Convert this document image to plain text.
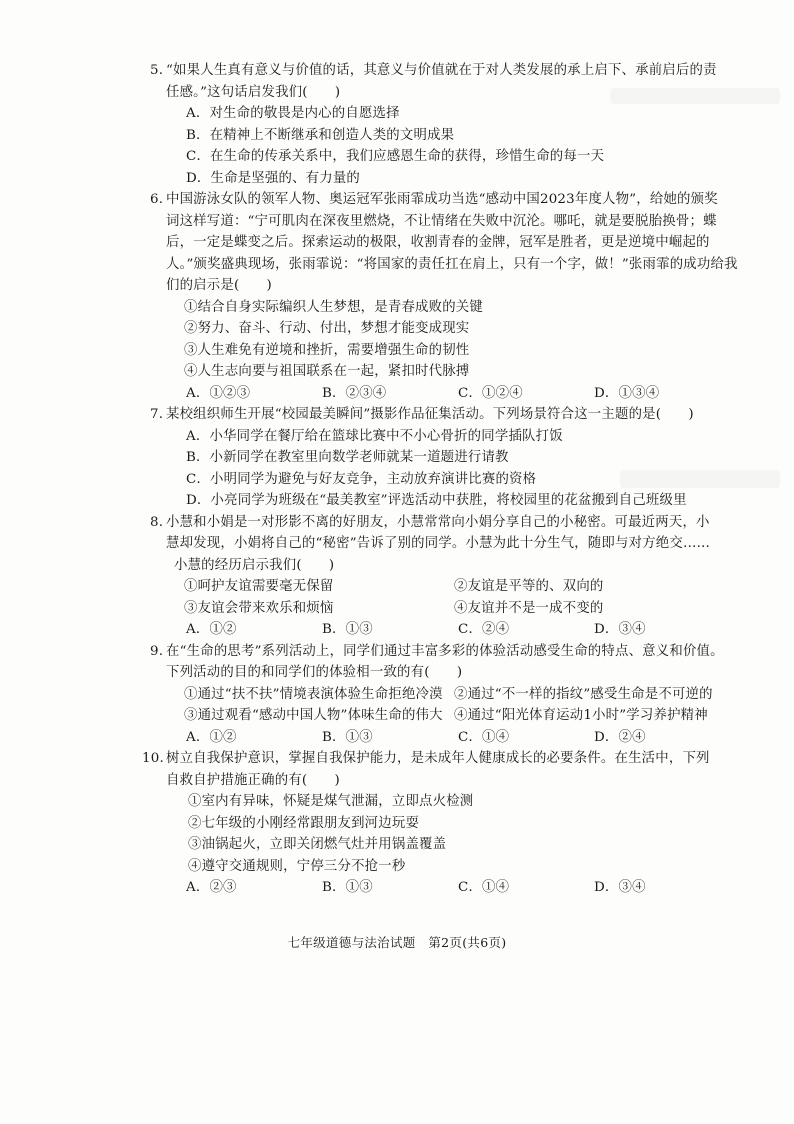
5. “如果人生真有意义与价值的话，其意义与价值就在于对人类发展的承上启下、承前启后的责
任感。”这句话启发我们(　　)
A．对生命的敬畏是内心的自愿选择
B．在精神上不断继承和创造人类的文明成果
C．在生命的传承关系中，我们应感恩生命的获得，珍惜生命的每一天
D．生命是坚强的、有力量的
6. 中国游泳女队的领军人物、奥运冠军张雨霏成功当选“感动中国2023年度人物”，给她的颁奖
词这样写道：“宁可肌肉在深夜里燃烧，不让情绪在失败中沉沦。哪吒，就是要脱胎换骨；蝶
后，一定是蝶变之后。探索运动的极限，收割青春的金牌，冠军是胜者，更是逆境中崛起的
人。”颁奖盛典现场，张雨霏说：“将国家的责任扛在肩上，只有一个字，做！”张雨霏的成功给我
们的启示是(　　)
①结合自身实际编织人生梦想，是青春成败的关键
②努力、奋斗、行动、付出，梦想才能变成现实
③人生难免有逆境和挫折，需要增强生命的韧性
④人生志向要与祖国联系在一起，紧扣时代脉搏
A．①②③	B．②③④	C．①②④	D．①③④
7. 某校组织师生开展“校园最美瞬间”摄影作品征集活动。下列场景符合这一主题的是(　　)
A．小华同学在餐厅给在篮球比赛中不小心骨折的同学插队打饭
B．小新同学在教室里向数学老师就某一道题进行请教
C．小明同学为避免与好友竞争，主动放弃演讲比赛的资格
D．小亮同学为班级在“最美教室”评选活动中获胜，将校园里的花盆搬到自己班级里
8. 小慧和小娟是一对形影不离的好朋友，小慧常常向小娟分享自己的小秘密。可最近两天，小
慧却发现，小娟将自己的“秘密”告诉了别的同学。小慧为此十分生气，随即与对方绝交……
小慧的经历启示我们(　　)
①呵护友谊需要毫无保留	②友谊是平等的、双向的
③友谊会带来欢乐和烦恼	④友谊并不是一成不变的
A．①②	B．①③	C．②④	D．③④
9. 在“生命的思考”系列活动上，同学们通过丰富多彩的体验活动感受生命的特点、意义和价值。
下列活动的目的和同学们的体验相一致的有(　　)
①通过“扶不扶”情境表演体验生命拒绝冷漠 ②通过“不一样的指纹”感受生命是不可逆的
③通过观看“感动中国人物”体味生命的伟大 ④通过“阳光体育运动1小时”学习养护精神
A．①②	B．①③	C．①④	D．②④
10. 树立自我保护意识，掌握自我保护能力，是未成年人健康成长的必要条件。在生活中，下列
自救自护措施正确的有(　　)
①室内有异味，怀疑是煤气泄漏，立即点火检测
②七年级的小刚经常跟朋友到河边玩耍
③油锅起火，立即关闭燃气灶并用锅盖覆盖
④遵守交通规则，宁停三分不抢一秒
A．②③	B．①③	C．①④	D．③④
七年级道德与法治试题　第2页(共6页)
